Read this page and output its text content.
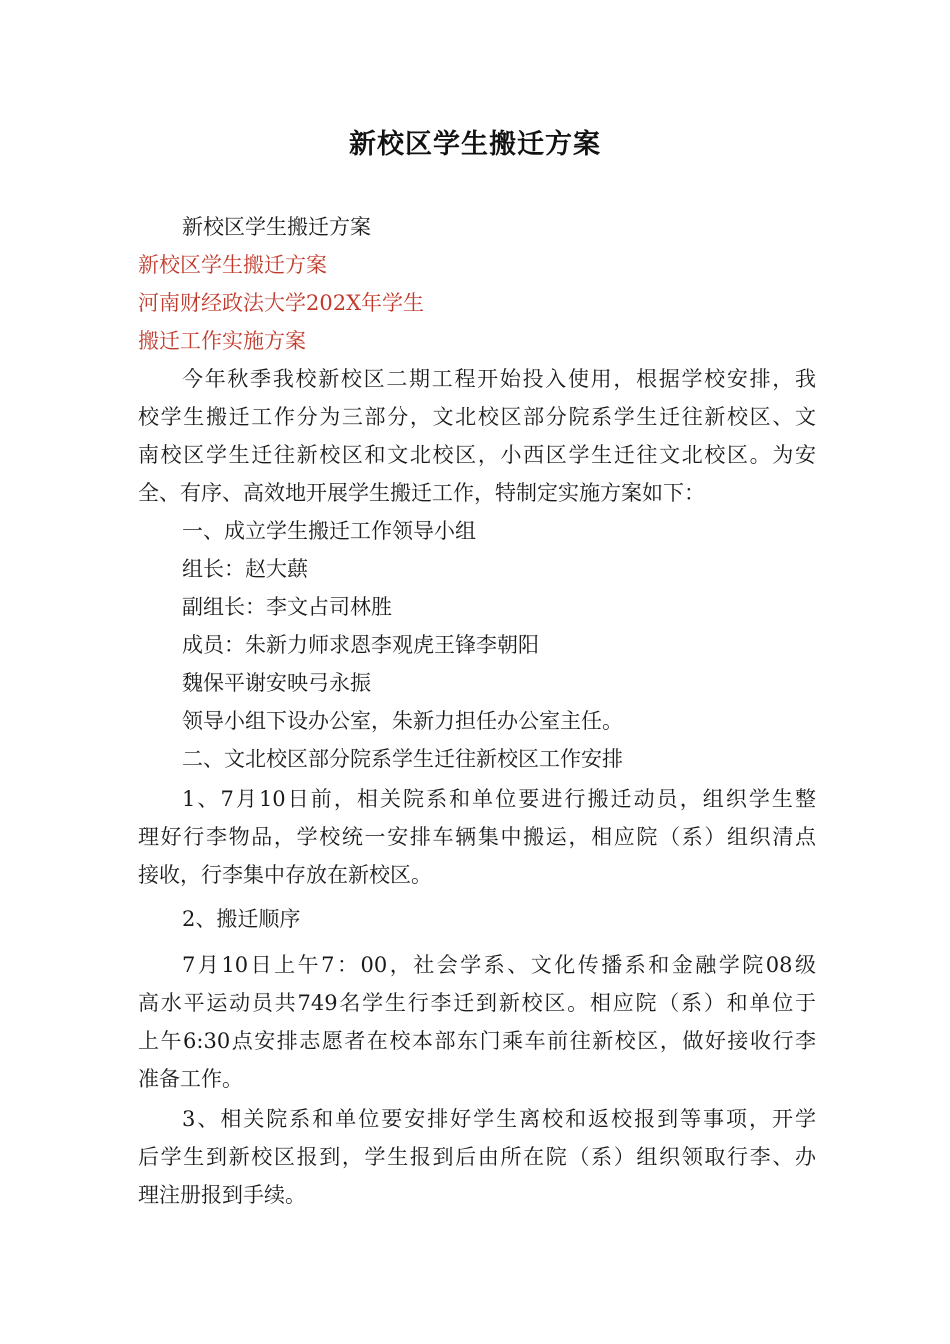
新校区学生搬迁方案
新校区学生搬迁方案
新校区学生搬迁方案
河南财经政法大学202X年学生
搬迁工作实施方案
今年秋季我校新校区二期工程开始投入使用，根据学校安排，我
校学生搬迁工作分为三部分，文北校区部分院系学生迁往新校区、文
南校区学生迁往新校区和文北校区，小西区学生迁往文北校区。为安
全、有序、高效地开展学生搬迁工作，特制定实施方案如下：
一、成立学生搬迁工作领导小组
组长：赵大蕻
副组长：李文占司林胜
成员：朱新力师求恩李观虎王锋李朝阳
魏保平谢安映弓永振
领导小组下设办公室，朱新力担任办公室主任。
二、文北校区部分院系学生迁往新校区工作安排
1、7月10日前，相关院系和单位要进行搬迁动员，组织学生整
理好行李物品，学校统一安排车辆集中搬运，相应院（系）组织清点
接收，行李集中存放在新校区。
2、搬迁顺序
7月10日上午7：00，社会学系、文化传播系和金融学院08级
高水平运动员共749名学生行李迁到新校区。相应院（系）和单位于
上午6:30点安排志愿者在校本部东门乘车前往新校区，做好接收行李
准备工作。
3、相关院系和单位要安排好学生离校和返校报到等事项，开学
后学生到新校区报到，学生报到后由所在院（系）组织领取行李、办
理注册报到手续。
